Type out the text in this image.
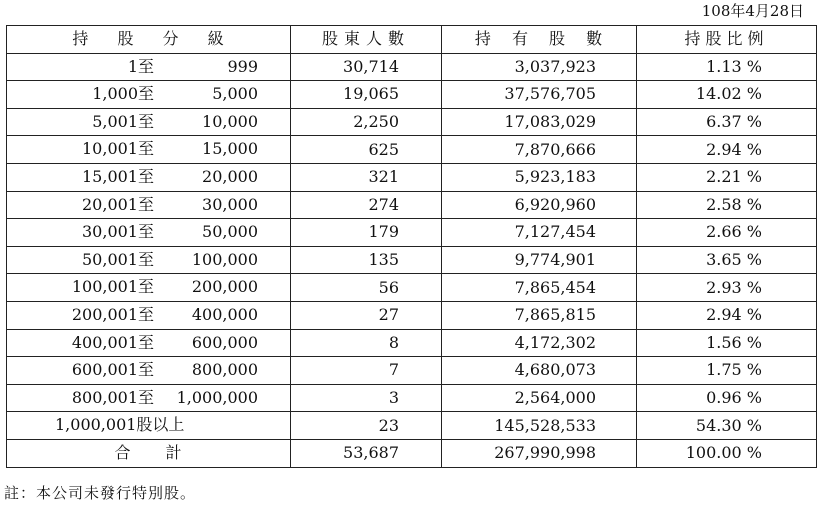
108年4月28日
持 股 分 級	股東人數	持 有 股 數	持股比例

1至 999	30,714	3,037,923	1.13 %

1,000至 5,000	19,065	37,576,705	14.02 %

5,001至 10,000	2,250	17,083,029	6.37 %

10,001至 15,000	625	7,870,666	2.94 %

15,001至 20,000	321	5,923,183	2.21 %

20,001至 30,000	274	6,920,960	2.58 %

30,001至 50,000	179	7,127,454	2.66 %

50,001至 100,000	135	9,774,901	3.65 %

100,001至 200,000	56	7,865,454	2.93 %

200,001至 400,000	27	7,865,815	2.94 %

400,001至 600,000	8	4,172,302	1.56 %

600,001至 800,000	7	4,680,073	1.75 %

800,001至 1,000,000	3	2,564,000	0.96 %

1,000,001股以上	23	145,528,533	54.30 %

合　　計	53,687	267,990,998	100.00 %
註：本公司未發行特別股。
